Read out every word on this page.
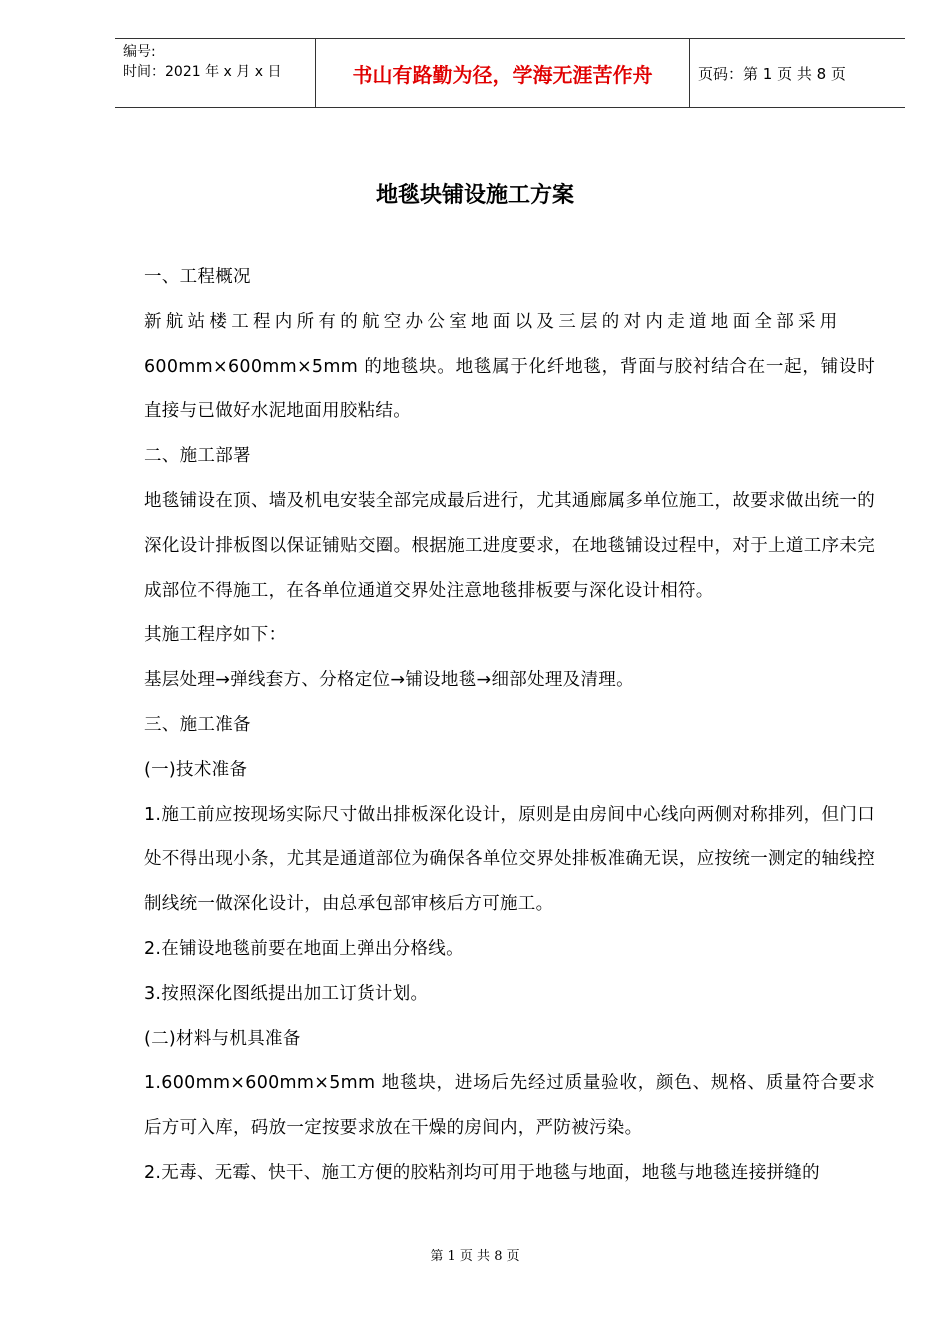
编号:
时间：2021 年 x 月 x 日	书山有路勤为径，学海无涯苦作舟	页码：第 1 页 共 8 页
地毯块铺设施工方案

一、工程概况

新航站楼工程内所有的航空办公室地面以及三层的对内走道地面全部采用

600mm×600mm×5mm 的地毯块。地毯属于化纤地毯，背面与胶衬结合在一起，铺设时直接与已做好水泥地面用胶粘结。

二、施工部署

地毯铺设在顶、墙及机电安装全部完成最后进行，尤其通廊属多单位施工，故要求做出统一的深化设计排板图以保证铺贴交圈。根据施工进度要求，在地毯铺设过程中，对于上道工序未完成部位不得施工，在各单位通道交界处注意地毯排板要与深化设计相符。

其施工程序如下：

基层处理→弹线套方、分格定位→铺设地毯→细部处理及清理。

三、施工准备

(一)技术准备

1.施工前应按现场实际尺寸做出排板深化设计，原则是由房间中心线向两侧对称排列，但门口处不得出现小条，尤其是通道部位为确保各单位交界处排板准确无误，应按统一测定的轴线控制线统一做深化设计，由总承包部审核后方可施工。

2.在铺设地毯前要在地面上弹出分格线。

3.按照深化图纸提出加工订货计划。

(二)材料与机具准备

1.600mm×600mm×5mm 地毯块，进场后先经过质量验收，颜色、规格、质量符合要求后方可入库，码放一定按要求放在干燥的房间内，严防被污染。

2.无毒、无霉、快干、施工方便的胶粘剂均可用于地毯与地面，地毯与地毯连接拼缝的

第 1 页 共 8 页
